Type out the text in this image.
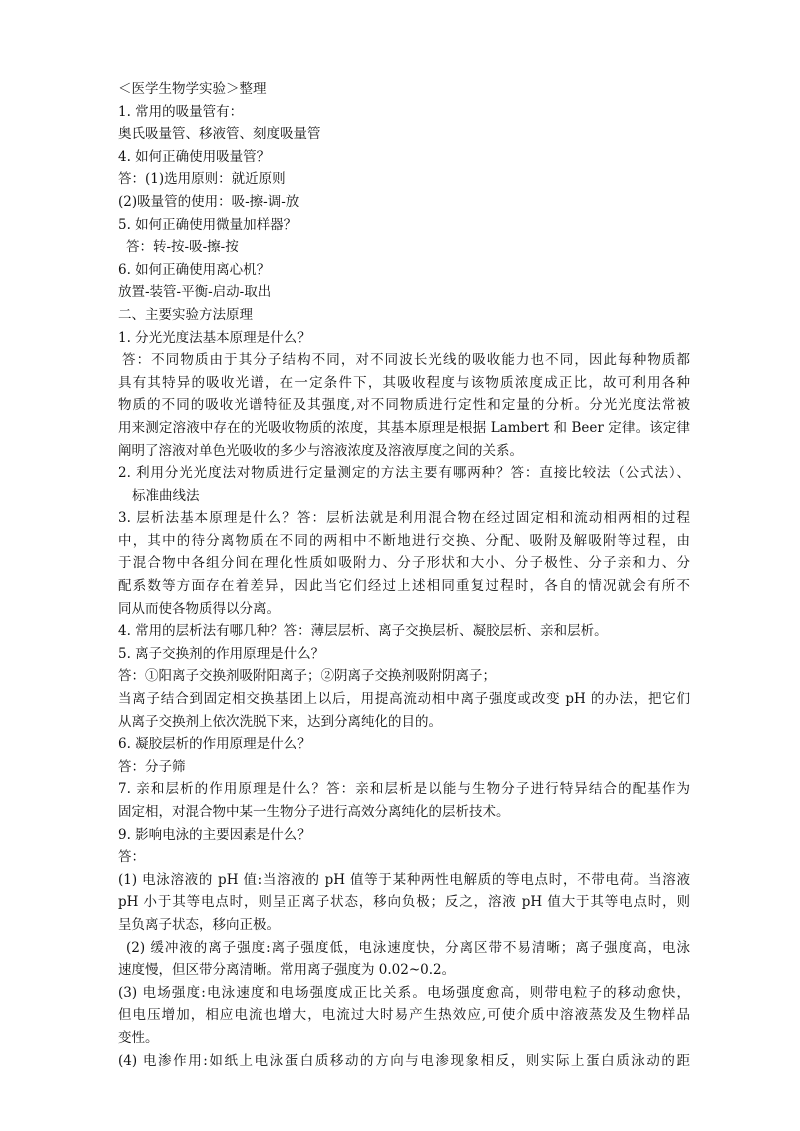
＜医学生物学实验＞整理
1. 常用的吸量管有：
奥氏吸量管、移液管、刻度吸量管
4. 如何正确使用吸量管？
答：(1)选用原则：就近原则
(2)吸量管的使用：吸-擦-调-放
5. 如何正确使用微量加样器？
答：转-按-吸-擦-按
6. 如何正确使用离心机？
放置-装管-平衡-启动-取出
二、主要实验方法原理
1. 分光光度法基本原理是什么？
答：不同物质由于其分子结构不同，对不同波长光线的吸收能力也不同，因此每种物质都
具有其特异的吸收光谱，在一定条件下，其吸收程度与该物质浓度成正比，故可利用各种
物质的不同的吸收光谱特征及其强度,对不同物质进行定性和定量的分析。分光光度法常被
用来测定溶液中存在的光吸收物质的浓度，其基本原理是根据 Lambert 和 Beer 定律。该定律
阐明了溶液对单色光吸收的多少与溶液浓度及溶液厚度之间的关系。
2. 利用分光光度法对物质进行定量测定的方法主要有哪两种？答：直接比较法（公式法）、
标准曲线法
3. 层析法基本原理是什么？答：层析法就是利用混合物在经过固定相和流动相两相的过程
中，其中的待分离物质在不同的两相中不断地进行交换、分配、吸附及解吸附等过程，由
于混合物中各组分间在理化性质如吸附力、分子形状和大小、分子极性、分子亲和力、分
配系数等方面存在着差异，因此当它们经过上述相同重复过程时，各自的情况就会有所不
同从而使各物质得以分离。
4. 常用的层析法有哪几种？答：薄层层析、离子交换层析、凝胶层析、亲和层析。
5. 离子交换剂的作用原理是什么？
答：①阳离子交换剂吸附阳离子；②阴离子交换剂吸附阴离子；
当离子结合到固定相交换基团上以后，用提高流动相中离子强度或改变 pH 的办法，把它们
从离子交换剂上依次洗脱下来，达到分离纯化的目的。
6. 凝胶层析的作用原理是什么？
答：分子筛
7. 亲和层析的作用原理是什么？答：亲和层析是以能与生物分子进行特异结合的配基作为
固定相，对混合物中某一生物分子进行高效分离纯化的层析技术。
9. 影响电泳的主要因素是什么？
答：
(1) 电泳溶液的 pH 值:当溶液的 pH 值等于某种两性电解质的等电点时，不带电荷。当溶液
pH 小于其等电点时，则呈正离子状态，移向负极；反之，溶液 pH 值大于其等电点时，则
呈负离子状态，移向正极。
(2) 缓冲液的离子强度:离子强度低，电泳速度快，分离区带不易清晰；离子强度高，电泳
速度慢，但区带分离清晰。常用离子强度为 0.02~0.2。
(3) 电场强度:电泳速度和电场强度成正比关系。电场强度愈高，则带电粒子的移动愈快，
但电压增加，相应电流也增大，电流过大时易产生热效应,可使介质中溶液蒸发及生物样品
变性。
(4) 电渗作用:如纸上电泳蛋白质移动的方向与电渗现象相反，则实际上蛋白质泳动的距
